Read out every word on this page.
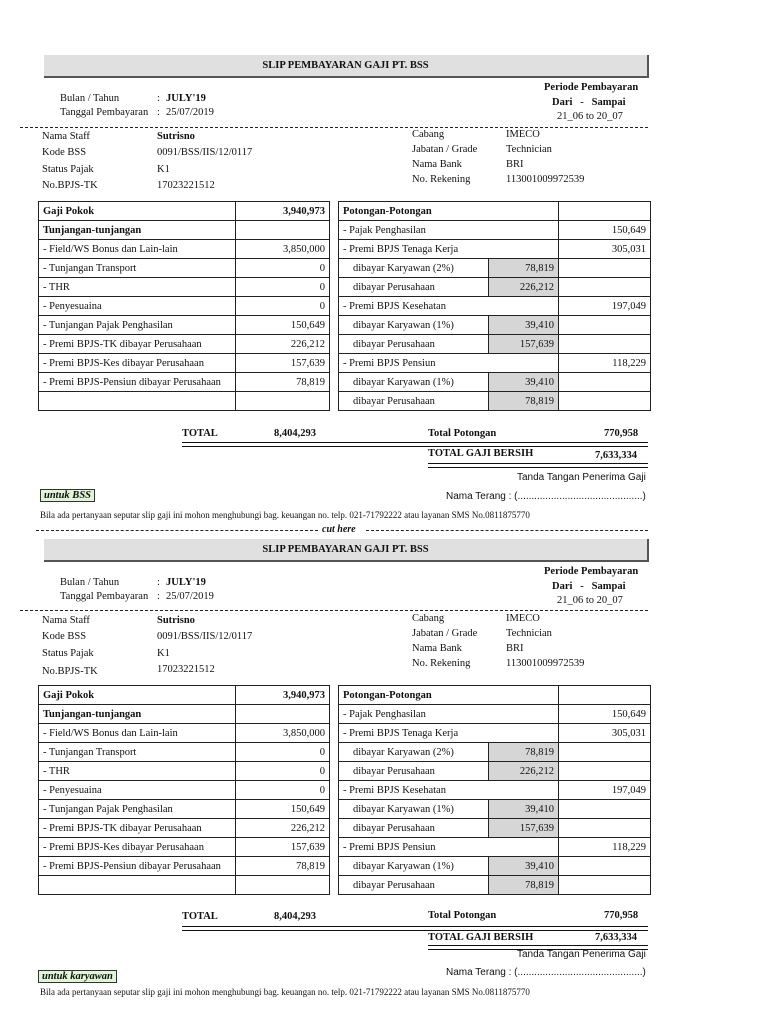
SLIP PEMBAYARAN GAJI PT. BSS
Bulan / Tahun	: JULY'19
Tanggal Pembayaran : 25/07/2019
Periode Pembayaran
Dari   -   Sampai
21_06 to 20_07
Nama Staff	Sutrisno
Kode BSS	0091/BSS/IIS/12/0117
Status Pajak	K1
No.BPJS-TK	17023221512
Cabang	IMECO
Jabatan / Grade	Technician
Nama Bank	BRI
No. Rekening	113001009972539
Gaji Pokok	3,940,973
Tunjangan-tunjangan	
- Field/WS Bonus dan Lain-lain	3,850,000
- Tunjangan Transport	0
- THR	0
- Penyesuaina	0
- Tunjangan Pajak Penghasilan	150,649
- Premi BPJS-TK dibayar Perusahaan	226,212
- Premi BPJS-Kes dibayar Perusahaan	157,639
- Premi BPJS-Pensiun dibayar Perusahaan	78,819

Potongan-Potongan		
- Pajak Penghasilan		150,649
- Premi BPJS Tenaga Kerja		305,031
dibayar Karyawan (2%)	78,819	
dibayar Perusahaan	226,212	
- Premi BPJS Kesehatan		197,049
dibayar Karyawan (1%)	39,410	
dibayar Perusahaan	157,639	
- Premi BPJS Pensiun		118,229
dibayar Karyawan (1%)	39,410	
dibayar Perusahaan	78,819	
TOTAL	8,404,293	Total Potongan	770,958
TOTAL GAJI BERSIH	7,633,334
Tanda Tangan Penerima Gaji
Nama Terang : (.............................................)
untuk BSS
Bila ada pertanyaan seputar slip gaji ini mohon menghubungi bag. keuangan no. telp. 021-71792222 atau layanan SMS No.0811875770
cut here
SLIP PEMBAYARAN GAJI PT. BSS
Bulan / Tahun	: JULY'19
Tanggal Pembayaran : 25/07/2019
Periode Pembayaran
Dari   -   Sampai
21_06 to 20_07
Nama Staff	Sutrisno
Kode BSS	0091/BSS/IIS/12/0117
Status Pajak	K1
No.BPJS-TK	17023221512
Cabang	IMECO
Jabatan / Grade	Technician
Nama Bank	BRI
No. Rekening	113001009972539
Gaji Pokok	3,940,973
Tunjangan-tunjangan	
- Field/WS Bonus dan Lain-lain	3,850,000
- Tunjangan Transport	0
- THR	0
- Penyesuaina	0
- Tunjangan Pajak Penghasilan	150,649
- Premi BPJS-TK dibayar Perusahaan	226,212
- Premi BPJS-Kes dibayar Perusahaan	157,639
- Premi BPJS-Pensiun dibayar Perusahaan	78,819

Potongan-Potongan		
- Pajak Penghasilan		150,649
- Premi BPJS Tenaga Kerja		305,031
dibayar Karyawan (2%)	78,819	
dibayar Perusahaan	226,212	
- Premi BPJS Kesehatan		197,049
dibayar Karyawan (1%)	39,410	
dibayar Perusahaan	157,639	
- Premi BPJS Pensiun		118,229
dibayar Karyawan (1%)	39,410	
dibayar Perusahaan	78,819	
TOTAL	8,404,293	Total Potongan	770,958
TOTAL GAJI BERSIH	7,633,334
Tanda Tangan Penerima Gaji
Nama Terang : (.............................................)
untuk karyawan
Bila ada pertanyaan seputar slip gaji ini mohon menghubungi bag. keuangan no. telp. 021-71792222 atau layanan SMS No.0811875770
